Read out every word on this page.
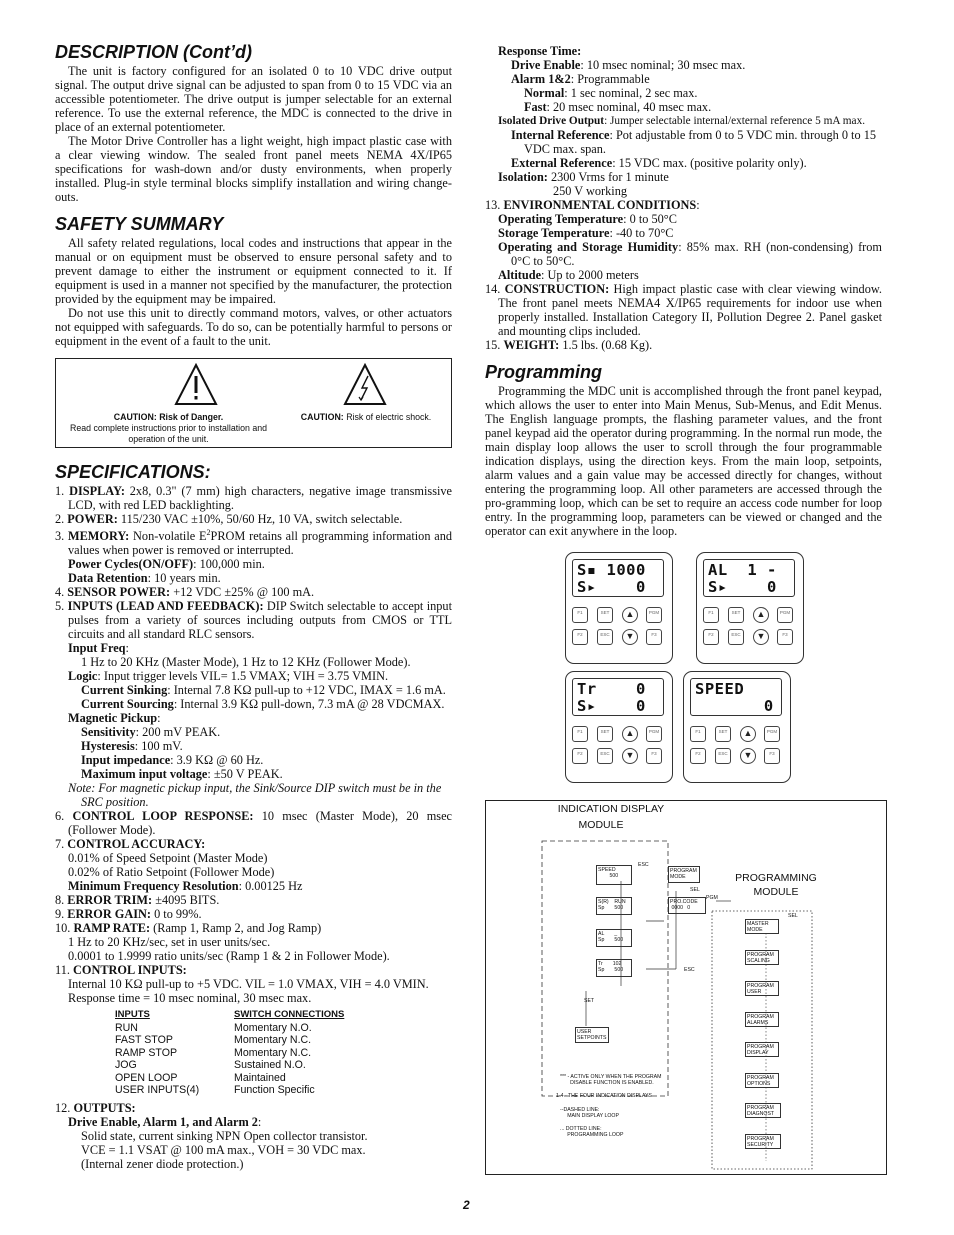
DESCRIPTION (Cont’d)

The unit is factory configured for an isolated 0 to 10 VDC drive output signal. The output drive signal can be adjusted to span from 0 to 15 VDC via an accessible potentiometer. The drive output is jumper selectable for an external reference. To use the external reference, the MDC is connected to the drive in place of an external potentiometer.

The Motor Drive Controller has a light weight, high impact plastic case with a clear viewing window. The sealed front panel meets NEMA 4X/IP65 specifications for wash-down and/or dusty environments, when properly installed. Plug-in style terminal blocks simplify installation and wiring change-outs.

SAFETY SUMMARY

All safety related regulations, local codes and instructions that appear in the manual or on equipment must be observed to ensure personal safety and to prevent damage to either the instrument or equipment connected to it. If equipment is used in a manner not specified by the manufacturer, the protection provided by the equipment may be impaired.

Do not use this unit to directly command motors, valves, or other actuators not equipped with safeguards. To do so, can be potentially harmful to persons or equipment in the event of a fault to the unit.

CAUTION: Risk of Danger.
Read complete instructions prior to installation and operation of the unit.
CAUTION: Risk of electric shock.
SPECIFICATIONS:
1. DISPLAY: 2x8, 0.3" (7 mm) high characters, negative image transmissive LCD, with red LED backlighting.
2. POWER: 115/230 VAC ±10%, 50/60 Hz, 10 VA, switch selectable.
3. MEMORY: Non-volatile $E^2PROM$ retains all programming information and values when power is removed or interrupted.
Power Cycles(ON/OFF): 100,000 min.
Data Retention: 10 years min.
4. SENSOR POWER: +12 VDC ±25% @ 100 mA.
5. INPUTS (LEAD AND FEEDBACK): DIP Switch selectable to accept input pulses from a variety of sources including outputs from CMOS or TTL circuits and all standard RLC sensors.
Input Freq:
1 Hz to 20 KHz (Master Mode), 1 Hz to 12 KHz (Follower Mode).
Logic: Input trigger levels VIL= 1.5 VMAX; VIH = 3.75 VMIN.
Current Sinking: Internal 7.8 KΩ pull-up to +12 VDC, IMAX = 1.6 mA.
Current Sourcing: Internal 3.9 KΩ pull-down, 7.3 mA @ 28 VDCMAX.
Magnetic Pickup:
Sensitivity: 200 mV PEAK.
Hysteresis: 100 mV.
Input impedance: 3.9 KΩ @ 60 Hz.
Maximum input voltage: ±50 V PEAK.
Note: For magnetic pickup input, the Sink/Source DIP switch must be in the SRC position.
6. CONTROL LOOP RESPONSE: 10 msec (Master Mode), 20 msec (Follower Mode).
7. CONTROL ACCURACY:
0.01% of Speed Setpoint (Master Mode)
0.02% of Ratio Setpoint (Follower Mode)
Minimum Frequency Resolution: 0.00125 Hz
8. ERROR TRIM: ±4095 BITS.
9. ERROR GAIN: 0 to 99%.
10. RAMP RATE: (Ramp 1, Ramp 2, and Jog Ramp)
1 Hz to 20 KHz/sec, set in user units/sec.
0.0001 to 1.9999 ratio units/sec (Ramp 1 & 2 in Follower Mode).
11. CONTROL INPUTS:
Internal 10 KΩ pull-up to +5 VDC. VIL = 1.0 VMAX, VIH = 4.0 VMIN.
Response time = 10 msec nominal, 30 msec max.
INPUTS	SWITCH CONNECTIONS
RUN	Momentary N.O.
FAST STOP	Momentary N.C.
RAMP STOP	Momentary N.C.
JOG	Sustained N.O.
OPEN LOOP	Maintained
USER INPUTS(4)	Function Specific
12. OUTPUTS:
Drive Enable, Alarm 1, and Alarm 2:
Solid state, current sinking NPN Open collector transistor.
VCE = 1.1 VSAT @ 100 mA max., VOH = 30 VDC max.
(Internal zener diode protection.)
Response Time:
Drive Enable: 10 msec nominal; 30 msec max.
Alarm 1&2: Programmable
Normal: 1 sec nominal, 2 sec max.
Fast: 20 msec nominal, 40 msec max.
Isolated Drive Output: Jumper selectable internal/external reference 5 mA max.
Internal Reference: Pot adjustable from 0 to 5 VDC min. through 0 to 15 VDC max. span.
External Reference: 15 VDC max. (positive polarity only).
Isolation: 2300 Vrms for 1 minute
250 V working
13. ENVIRONMENTAL CONDITIONS:
Operating Temperature: 0 to 50°C
Storage Temperature: -40 to 70°C
Operating and Storage Humidity: 85% max. RH (non-condensing) from 0°C to 50°C.
Altitude: Up to 2000 meters
14. CONSTRUCTION: High impact plastic case with clear viewing window. The front panel meets NEMA4 X/IP65 requirements for indoor use when properly installed. Installation Category II, Pollution Degree 2. Panel gasket and mounting clips included.
15. WEIGHT: 1.5 lbs. (0.68 Kg).
Programming

Programming the MDC unit is accomplished through the front panel keypad, which allows the user to enter into Main Menus, Sub-Menus, and Edit Menus. The English language prompts, the flashing parameter values, and the front panel keypad aid the operator during programming. In the normal run mode, the main display loop allows the user to scroll through the four programmable indication displays, using the direction keys. From the main loop, setpoints, alarm values and a gain value may be accessed directly for changes, without entering the programming loop. All other parameters are accessed through the pro-gramming loop, which can be set to require an access code number for loop entry. In the programming loop, parameters can be viewed or changed and the operator can exit anywhere in the loop.

S▪ 1000
S▸    0
F1	SET	▲	PGM
F2	ESC	▼	F3
AL  1 -
S▸    0
F1	SET	▲	PGM
F2	ESC	▼	F3
Tr    0
S▸    0
F1	SET	▲	PGM
F2	ESC	▼	F3
SPEED
0
F1	SET	▲	PGM
F2	ESC	▼	F3
INDICATION DISPLAY
MODULE
PROGRAMMING
MODULE
SPEED
500
S(R)    RUN
Sp       500
AL       _
Sp       500
Tr       102
Sp       500
PROGRAM
MODE
PRO.CODE
0000   0
USER
SETPOINTS
MASTER
MODE
PROGRAM
SCALING
PROGRAM
USER
PROGRAM
ALARMS
PROGRAM
DISPLAY
PROGRAM
OPTIONS
PROGRAM
DIAGNOST
PROGRAM
SECURITY
ESC
SEL
PGM
ESC
SET
SEL
*** - ACTIVE ONLY WHEN THE PROGRAM
DISABLE FUNCTION IS ENABLED.
1-4 - THE FOUR INDICATION DISPLAYS
--DASHED LINE:
MAIN DISPLAY LOOP
... DOTTED LINE:
PROGRAMMING LOOP
2
